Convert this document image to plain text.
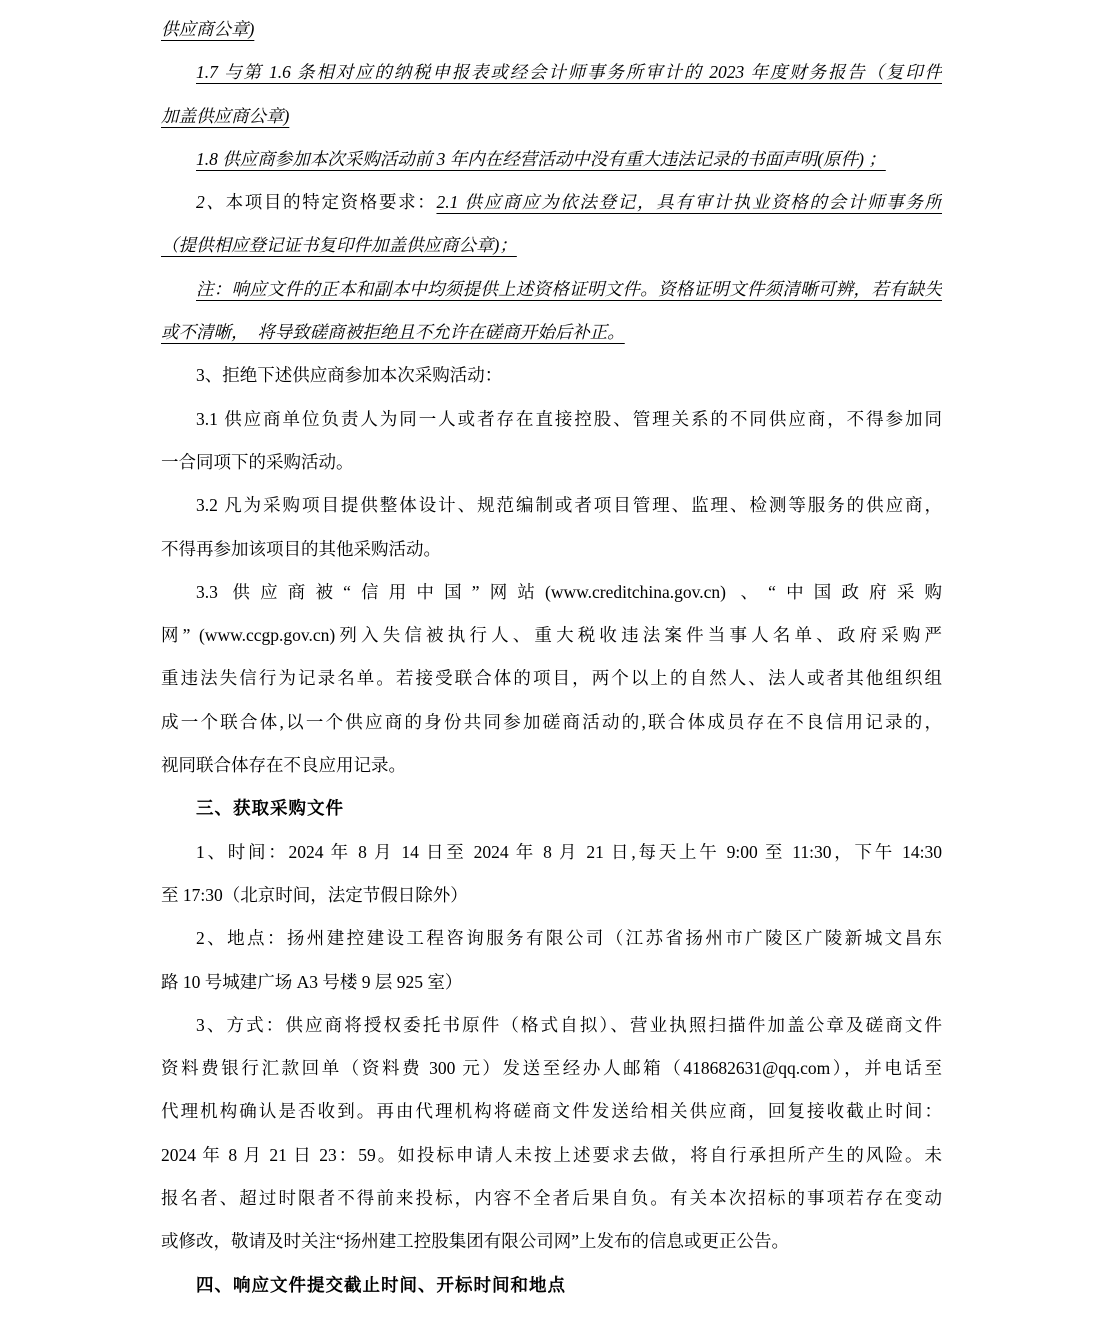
供应商公章)
1.7 与第 1.6 条相对应的纳税申报表或经会计师事务所审计的 2023 年度财务报告（复印件
加盖供应商公章)
1.8 供应商参加本次采购活动前 3 年内在经营活动中没有重大违法记录的书面声明(原件) ；
2、本项目的特定资格要求：2.1 供应商应为依法登记，具有审计执业资格的会计师事务所
（提供相应登记证书复印件加盖供应商公章)；
注：响应文件的正本和副本中均须提供上述资格证明文件。资格证明文件须清晰可辨，若有缺失
或不清晰，　将导致磋商被拒绝且不允许在磋商开始后补正。
3、拒绝下述供应商参加本次采购活动：
3.1 供应商单位负责人为同一人或者存在直接控股、管理关系的不同供应商，不得参加同
一合同项下的采购活动。
3.2 凡为采购项目提供整体设计、规范编制或者项目管理、监理、检测等服务的供应商，
不得再参加该项目的其他采购活动。
3.3 供应商被“信用中国”网站(www.creditchina.gov.cn) 、“中国政府采购
网” (www.ccgp.gov.cn)列入失信被执行人、重大税收违法案件当事人名单、政府采购严
重违法失信行为记录名单。若接受联合体的项目，两个以上的自然人、法人或者其他组织组
成一个联合体,以一个供应商的身份共同参加磋商活动的,联合体成员存在不良信用记录的，
视同联合体存在不良应用记录。
三、获取采购文件
1、时间：2024 年 8 月 14 日至 2024 年 8 月 21 日,每天上午 9:00 至 11:30，下午 14:30
至 17:30（北京时间，法定节假日除外）
2、地点：扬州建控建设工程咨询服务有限公司（江苏省扬州市广陵区广陵新城文昌东
路 10 号城建广场 A3 号楼 9 层 925 室）
3、方式：供应商将授权委托书原件（格式自拟）、营业执照扫描件加盖公章及磋商文件
资料费银行汇款回单（资料费 300 元）发送至经办人邮箱（418682631@qq.com），并电话至
代理机构确认是否收到。再由代理机构将磋商文件发送给相关供应商，回复接收截止时间：
2024 年 8 月 21 日 23：59。如投标申请人未按上述要求去做，将自行承担所产生的风险。未
报名者、超过时限者不得前来投标，内容不全者后果自负。有关本次招标的事项若存在变动
或修改，敬请及时关注“扬州建工控股集团有限公司网”上发布的信息或更正公告。
四、响应文件提交截止时间、开标时间和地点
